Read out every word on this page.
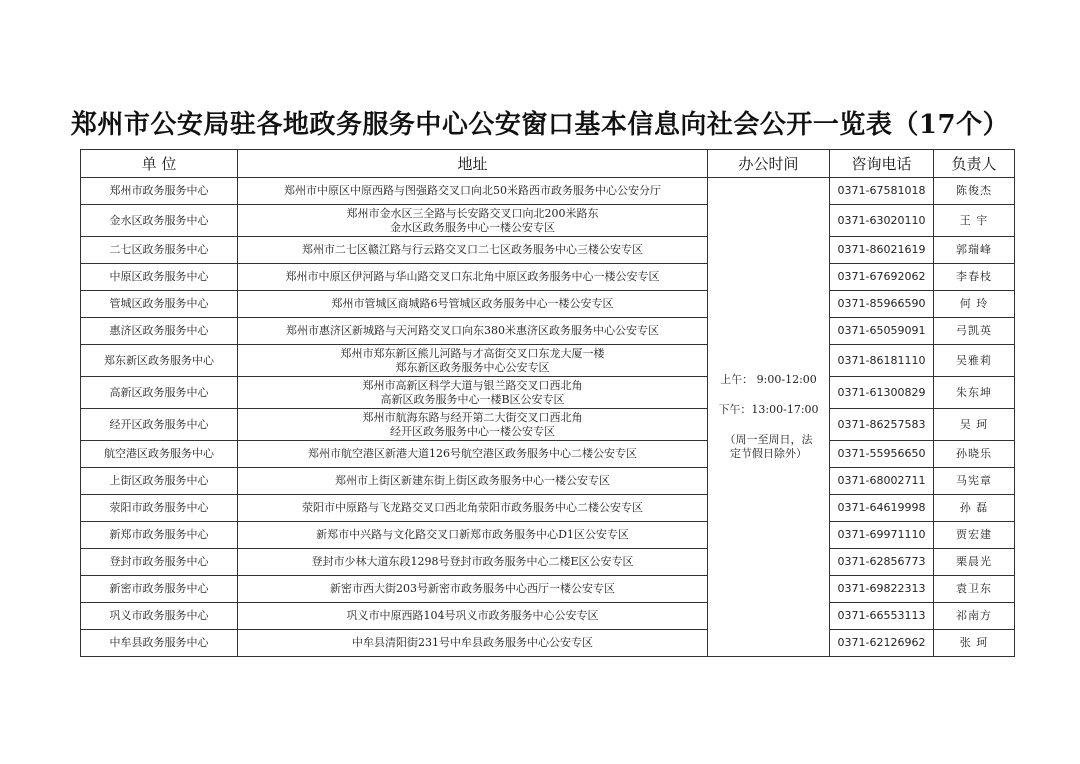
郑州市公安局驻各地政务服务中心公安窗口基本信息向社会公开一览表（17个）
单 位	地址	办公时间	咨询电话	负责人
郑州市政务服务中心	郑州市中原区中原西路与图强路交叉口向北50米路西市政务服务中心公安分厅	上午： 9:00-12:00
下午：13:00-17:00
（周一至周日，法
定节假日除外）	0371-67581018	陈俊杰
金水区政务服务中心	郑州市金水区三全路与长安路交叉口向北200米路东
金水区政务服务中心一楼公安专区		0371-63020110	王 宇
二七区政务服务中心	郑州市二七区赣江路与行云路交叉口二七区政务服务中心三楼公安专区		0371-86021619	郭瑞峰
中原区政务服务中心	郑州市中原区伊河路与华山路交叉口东北角中原区政务服务中心一楼公安专区		0371-67692062	李春枝
管城区政务服务中心	郑州市管城区商城路6号管城区政务服务中心一楼公安专区		0371-85966590	何 玲
惠济区政务服务中心	郑州市惠济区新城路与天河路交叉口向东380米惠济区政务服务中心公安专区		0371-65059091	弓凯英
郑东新区政务服务中心	郑州市郑东新区熊儿河路与才高街交叉口东龙大厦一楼
郑东新区政务服务中心公安专区		0371-86181110	吴雅莉
高新区政务服务中心	郑州市高新区科学大道与银兰路交叉口西北角
高新区政务服务中心一楼B区公安专区		0371-61300829	朱东坤
经开区政务服务中心	郑州市航海东路与经开第二大街交叉口西北角
经开区政务服务中心一楼公安专区		0371-86257583	吴 珂
航空港区政务服务中心	郑州市航空港区新港大道126号航空港区政务服务中心二楼公安专区		0371-55956650	孙晓乐
上街区政务服务中心	郑州市上街区新建东街上街区政务服务中心一楼公安专区		0371-68002711	马宪章
荥阳市政务服务中心	荥阳市中原路与飞龙路交叉口西北角荥阳市政务服务中心二楼公安专区		0371-64619998	孙 磊
新郑市政务服务中心	新郑市中兴路与文化路交叉口新郑市政务服务中心D1区公安专区		0371-69971110	贾宏建
登封市政务服务中心	登封市少林大道东段1298号登封市政务服务中心二楼E区公安专区		0371-62856773	栗晨光
新密市政务服务中心	新密市西大街203号新密市政务服务中心西厅一楼公安专区		0371-69822313	袁卫东
巩义市政务服务中心	巩义市中原西路104号巩义市政务服务中心公安专区		0371-66553113	祁南方
中牟县政务服务中心	中牟县清阳街231号中牟县政务服务中心公安专区		0371-62126962	张 珂
